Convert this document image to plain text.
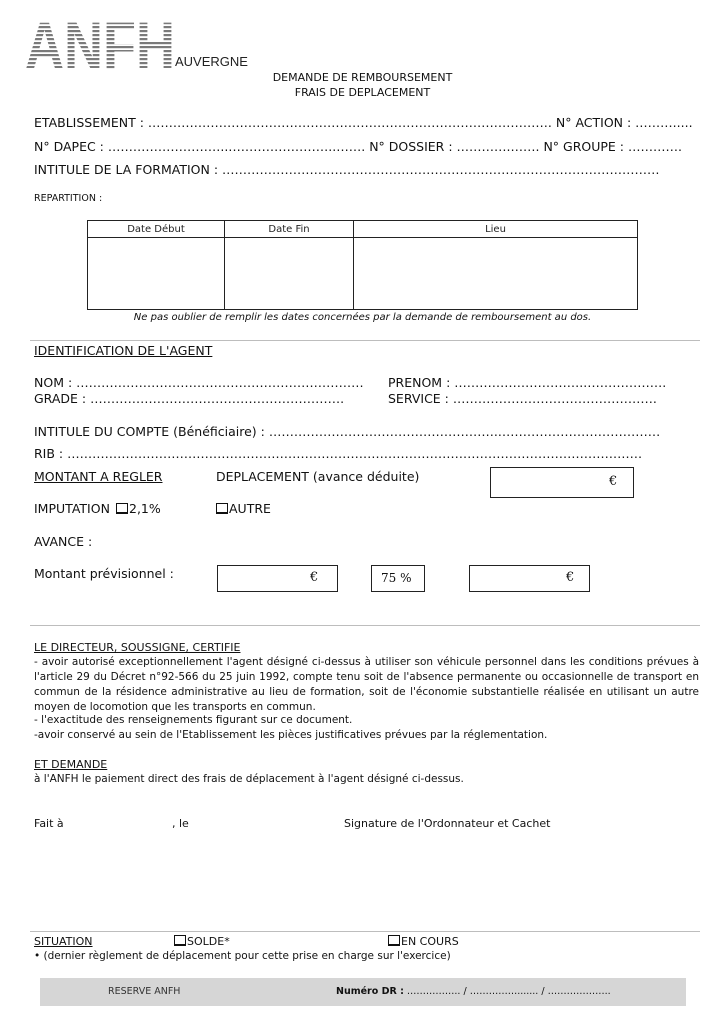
ANFH AUVERGNE
DEMANDE DE REMBOURSEMENT
FRAIS DE DEPLACEMENT
ETABLISSEMENT : ……………………………………………………………………………………. N° ACTION : ……….....
N° DAPEC : ………………………..……………………..……. N° DOSSIER : ………….……. N° GROUPE : ………….
INTITULE DE LA FORMATION : ……………………………………………………………………………………………
REPARTITION :
Date Début	Date Fin	Lieu

Ne pas oublier de remplir les dates concernées par la demande de remboursement au dos.
IDENTIFICATION DE L'AGENT
NOM : …………………………………………………………… PRENOM : …………………………..……………….
GRADE : …………………………………………………….	SERVICE : ………………………………………….
INTITULE DU COMPTE (Bénéficiaire) : ……………………………………………….…………………………………
RIB : …………………………………………………………………………………………………………………………
MONTANT A REGLER	DEPLACEMENT (avance déduite)	€
IMPUTATION	2,1%	AUTRE
AVANCE :
Montant prévisionnel :	€	75 %	€
LE DIRECTEUR, SOUSSIGNE, CERTIFIE
- avoir autorisé exceptionnellement l'agent désigné ci-dessus à utiliser son véhicule personnel dans les conditions prévues à l'article 29 du Décret n°92-566 du 25 juin 1992, compte tenu soit de l'absence permanente ou occasionnelle de transport en commun de la résidence administrative au lieu de formation, soit de l'économie substantielle réalisée en utilisant un autre moyen de locomotion que les transports en commun.
- l'exactitude des renseignements figurant sur ce document.
-avoir conservé au sein de l'Etablissement les pièces justificatives prévues par la réglementation.
ET DEMANDE
à l'ANFH le paiement direct des frais de déplacement à l'agent désigné ci-dessus.
Fait à	, le	Signature de l'Ordonnateur et Cachet
SITUATION	SOLDE*	EN COURS
• (dernier règlement de déplacement pour cette prise en charge sur l'exercice)
RESERVE ANFH	Numéro DR : …………….. / ……………....... / ………………..
